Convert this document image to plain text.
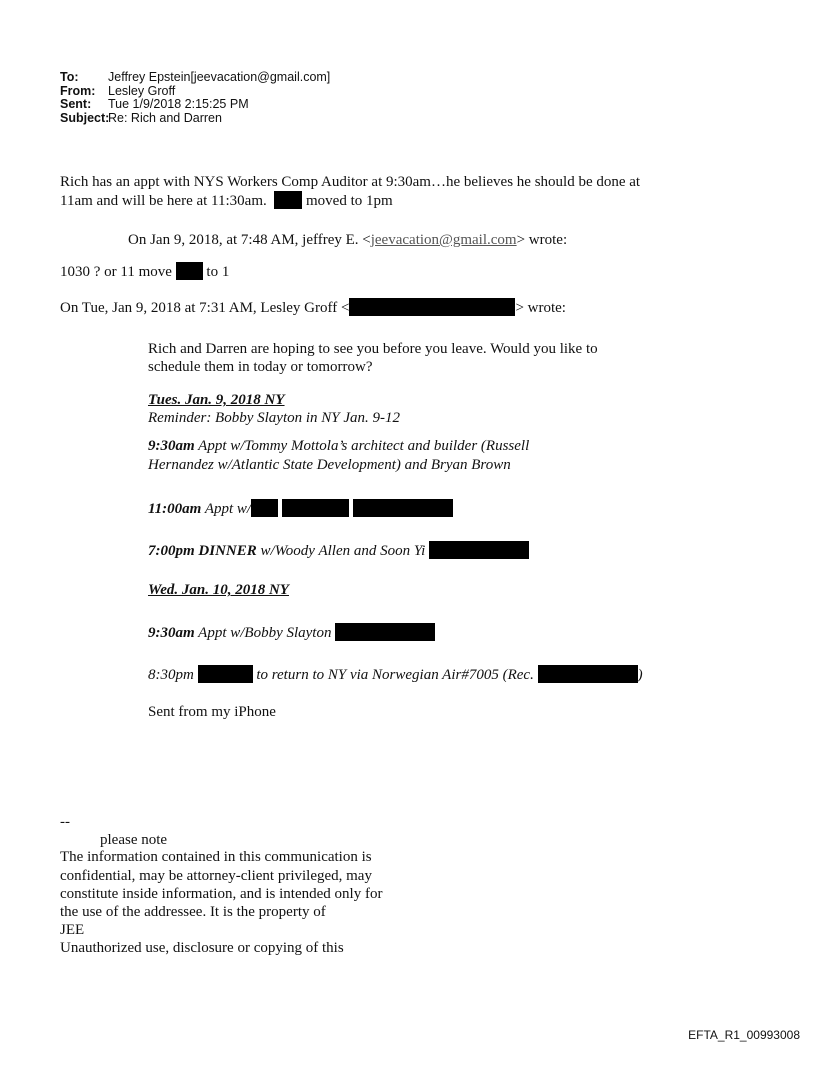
To: Jeffrey Epstein[jeevacation@gmail.com]
From: Lesley Groff
Sent: Tue 1/9/2018 2:15:25 PM
Subject:Re: Rich and Darren
Rich has an appt with NYS Workers Comp Auditor at 9:30am…he believes he should be done at
11am and will be here at 11:30am.	moved to 1pm
On Jan 9, 2018, at 7:48 AM, jeffrey E. <jeevacation@gmail.com> wrote:
1030 ? or 11 move to 1
On Tue, Jan 9, 2018 at 7:31 AM, Lesley Groff <	> wrote:
Rich and Darren are hoping to see you before you leave. Would you like to
schedule them in today or tomorrow?
Tues. Jan. 9, 2018 NY
Reminder: Bobby Slayton in NY Jan. 9-12
9:30am Appt w/Tommy Mottola’s architect and builder (Russell
Hernandez w/Atlantic State Development) and Bryan Brown
11:00am Appt w/
7:00pm DINNER w/Woody Allen and Soon Yi
Wed. Jan. 10, 2018 NY
9:30am Appt w/Bobby Slayton
8:30pm	to return to NY via Norwegian Air#7005 (Rec.	)
Sent from my iPhone
--
please note
The information contained in this communication is
confidential, may be attorney-client privileged, may
constitute inside information, and is intended only for
the use of the addressee. It is the property of
JEE
Unauthorized use, disclosure or copying of this
EFTA_R1_00993008
